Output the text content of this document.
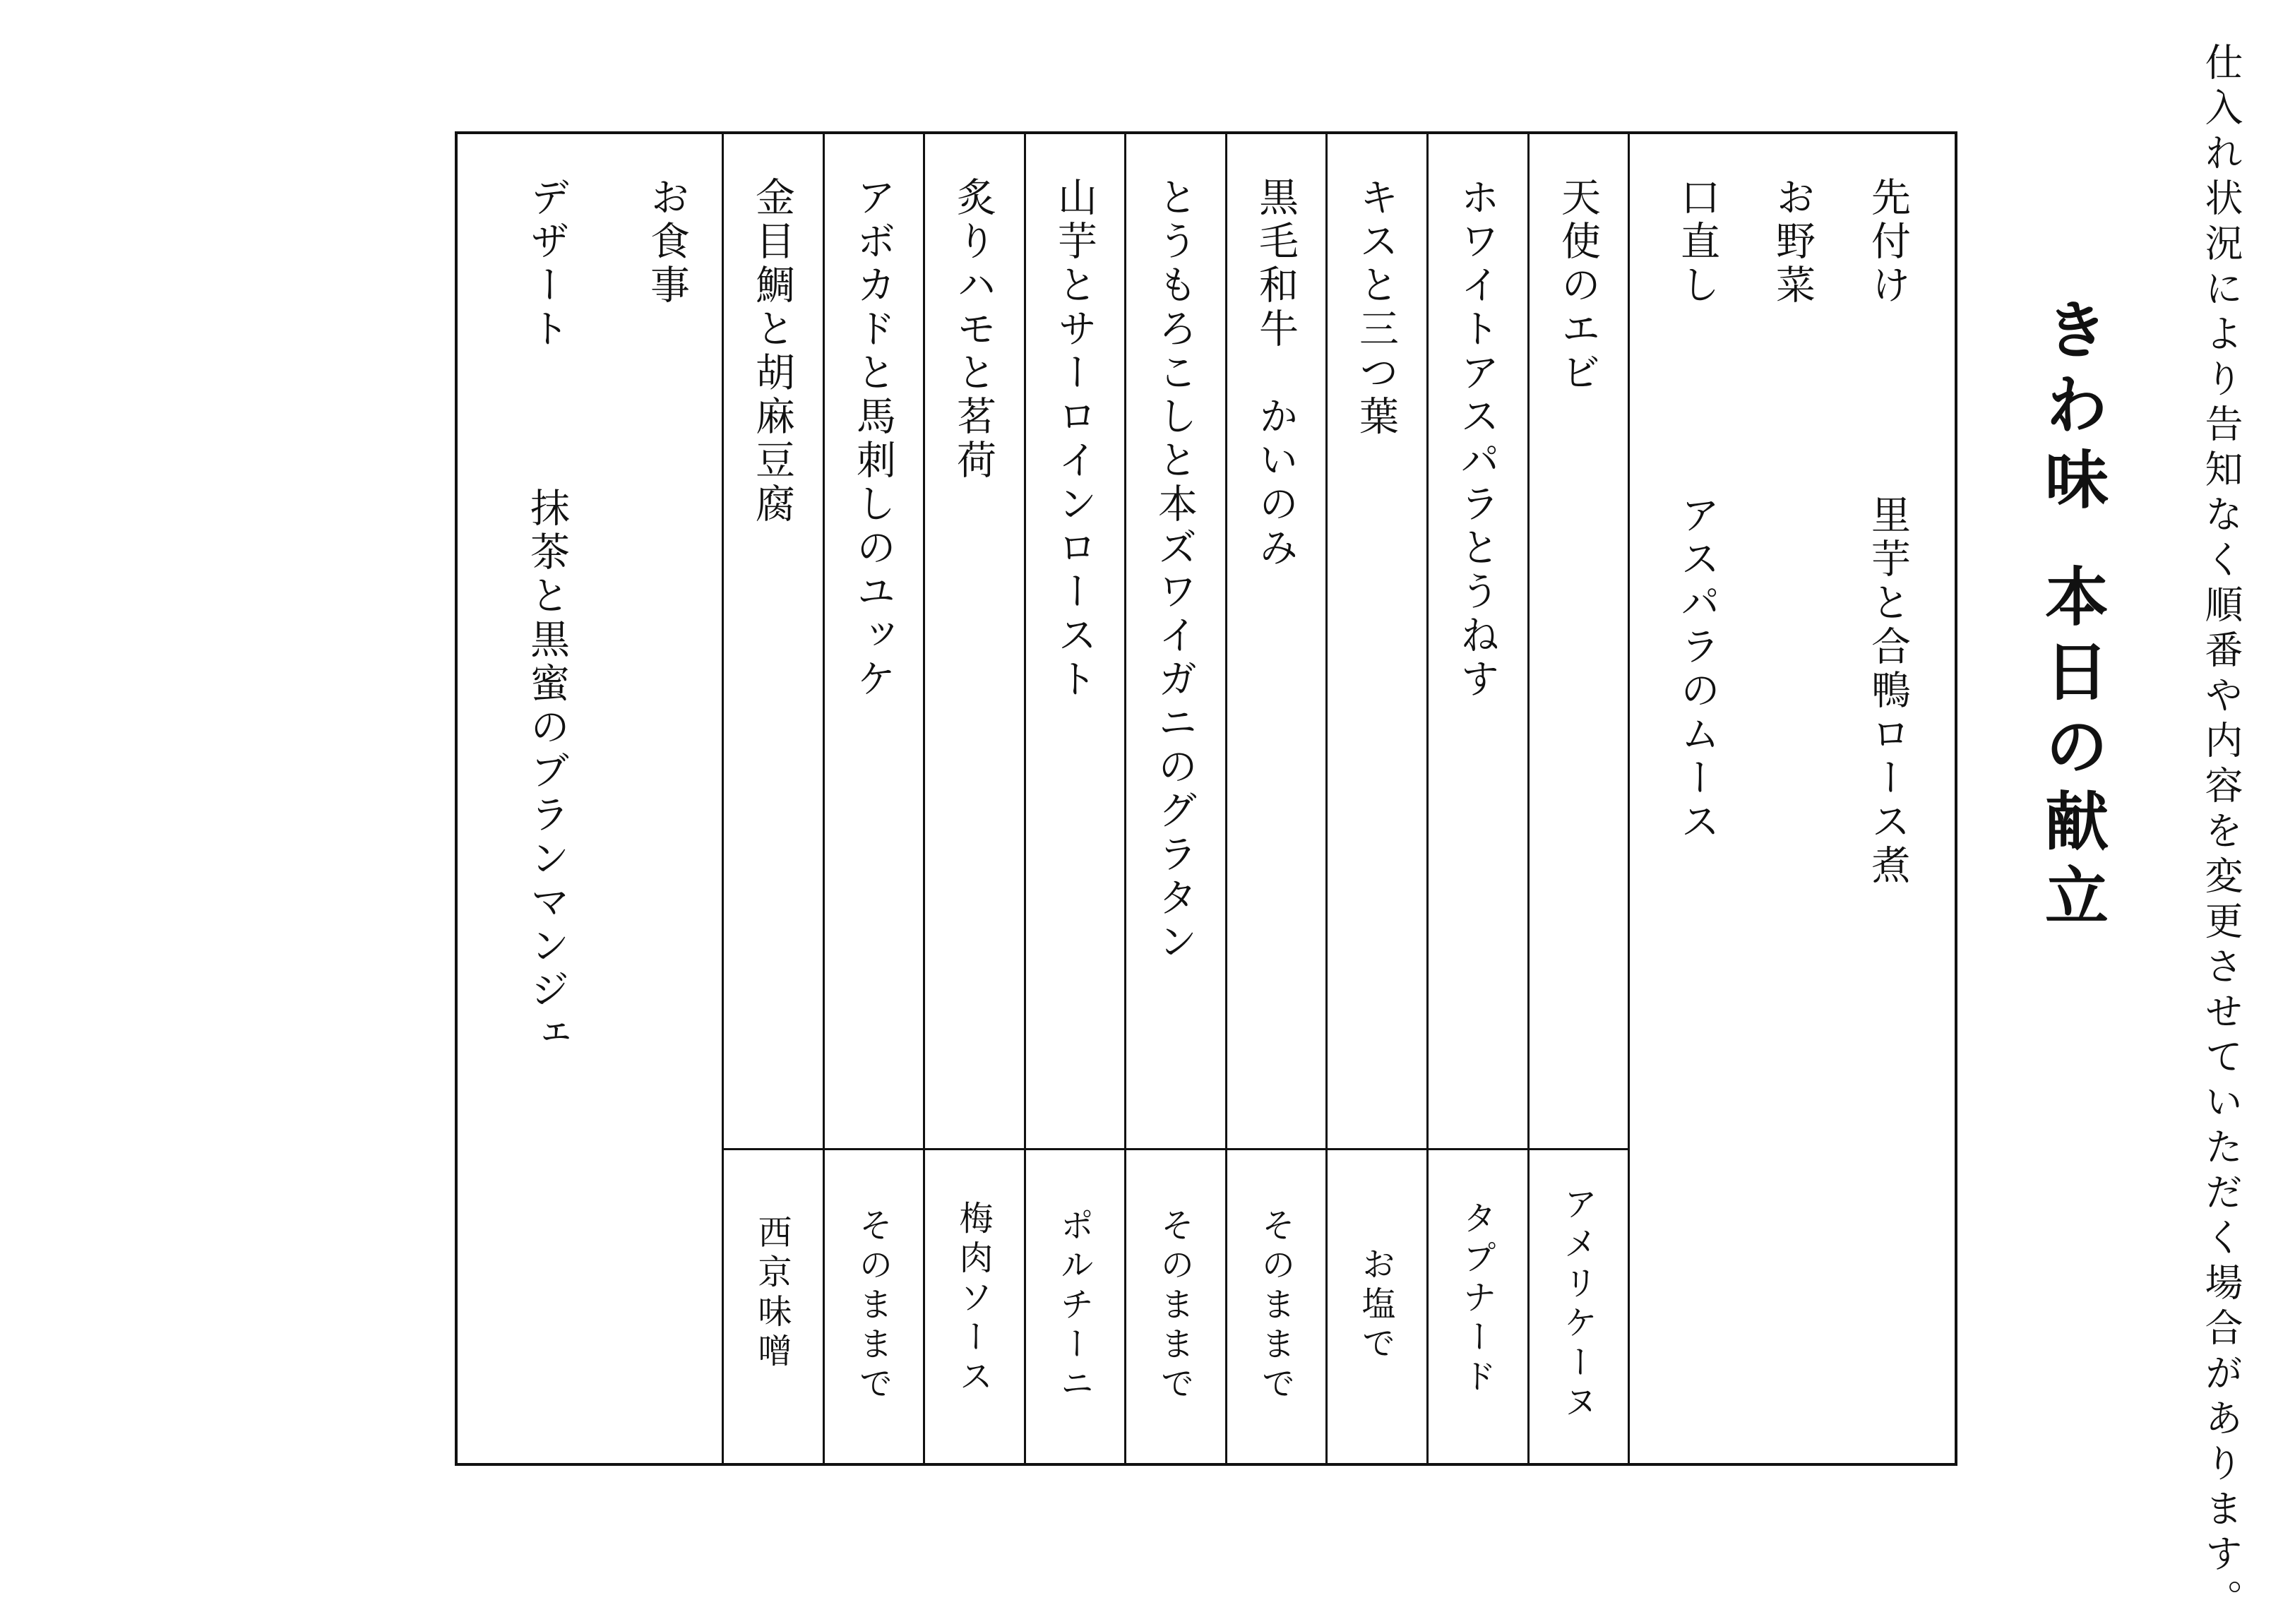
仕入れ状況により告知なく順番や内容を変更させていただく場合があります。
きわ味本日の献立
先付け
お野菜
口直し
里芋と合鴨ロース煮
アスパラのムース
天使のエビ
ホワイトアスパラとうねす
キスと三つ葉
黒毛和牛　かいのみ
とうもろこしと本ズワイガニのグラタン
山芋とサーロインロースト
炙りハモと茗荷
アボカドと馬刺しのユッケ
金目鯛と胡麻豆腐
アメリケーヌ
タプナード
お塩で
そのままで
そのままで
ポルチーニ
梅肉ソース
そのままで
西京味噌
お食事
デザート
抹茶と黒蜜のブランマンジェ
